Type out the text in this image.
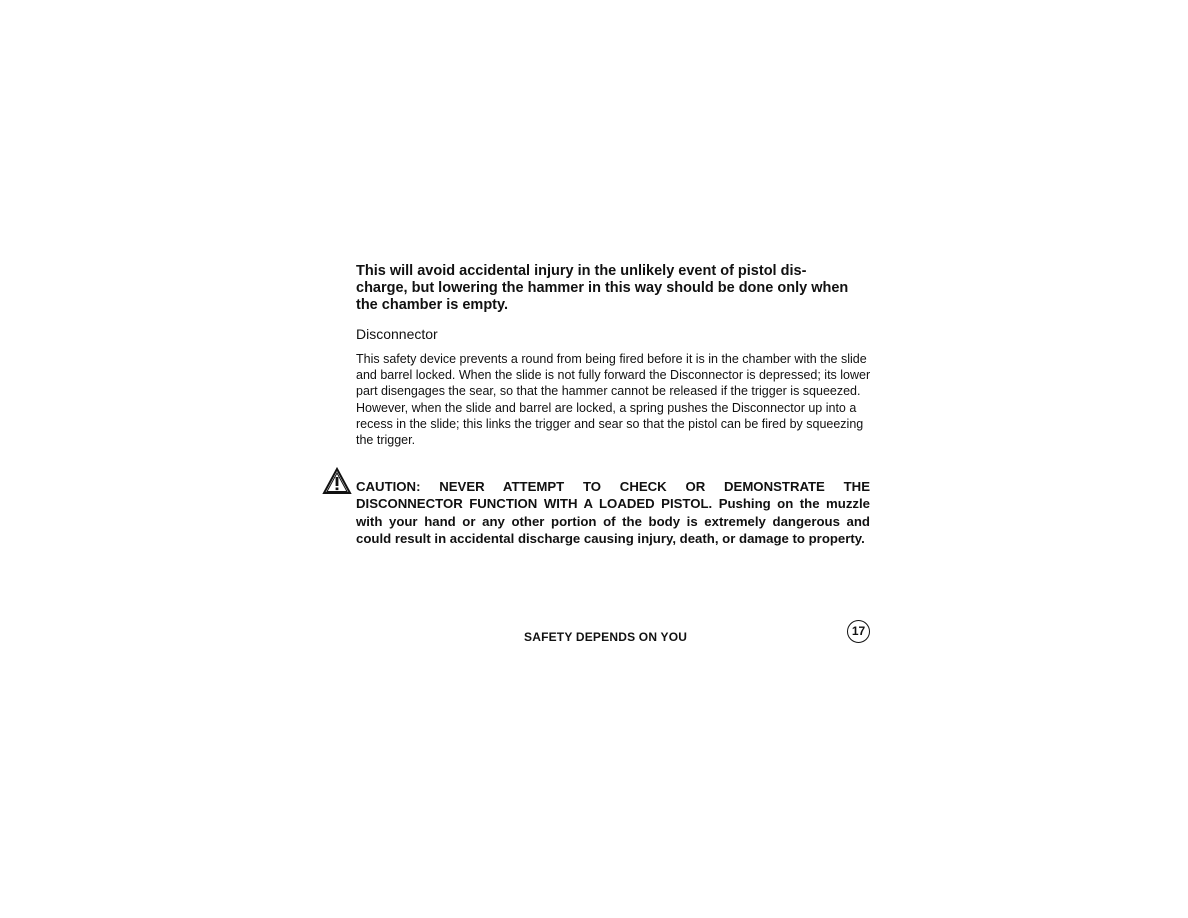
This will avoid accidental injury in the unlikely event of pistol dis-charge, but lowering the hammer in this way should be done only when the chamber is empty.

Disconnector

This safety device prevents a round from being fired before it is in the chamber with the slide and barrel locked. When the slide is not fully forward the Disconnector is depressed; its lower part disengages the sear, so that the hammer cannot be released if the trigger is squeezed. However, when the slide and barrel are locked, a spring pushes the Disconnector up into a recess in the slide; this links the trigger and sear so that the pistol can be fired by squeezing the trigger.

CAUTION: NEVER ATTEMPT TO CHECK OR DEMONSTRATE THE DISCONNECTOR FUNCTION WITH A LOADED PISTOL. Pushing on the muzzle with your hand or any other portion of the body is extremely dangerous and could result in accidental discharge causing injury, death, or damage to property.

SAFETY DEPENDS ON YOU	17
